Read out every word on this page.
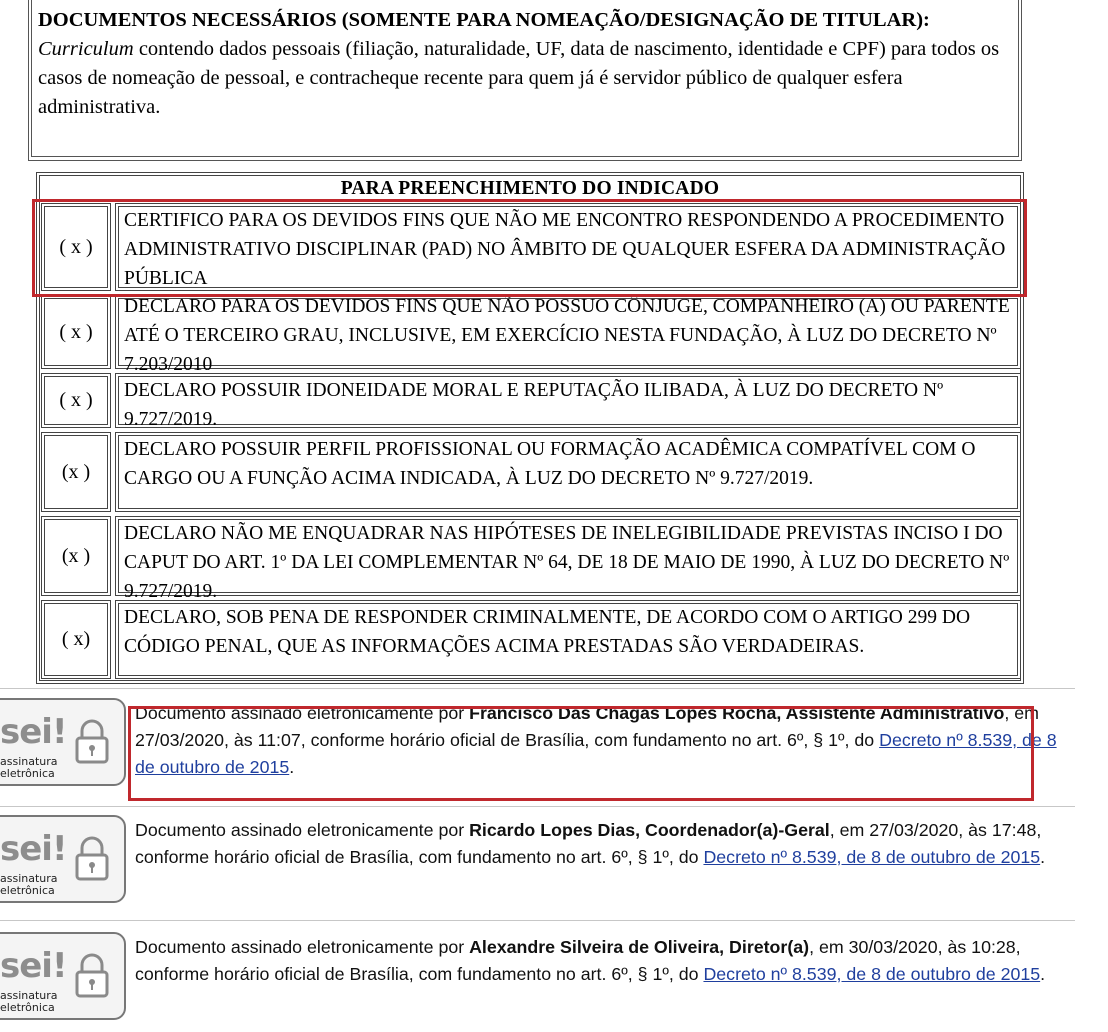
DOCUMENTOS NECESSÁRIOS (SOMENTE PARA NOMEAÇÃO/DESIGNAÇÃO DE TITULAR):
Curriculum contendo dados pessoais (filiação, naturalidade, UF, data de nascimento, identidade e CPF) para todos os casos de nomeação de pessoal, e contracheque recente para quem já é servidor público de qualquer esfera administrativa.
PARA PREENCHIMENTO DO INDICADO
( x )
CERTIFICO PARA OS DEVIDOS FINS QUE NÃO ME ENCONTRO RESPONDENDO A PROCEDIMENTO ADMINISTRATIVO DISCIPLINAR (PAD) NO ÂMBITO DE QUALQUER ESFERA DA ADMINISTRAÇÃO PÚBLICA
( x )
DECLARO PARA OS DEVIDOS FINS QUE NÃO POSSUO CÔNJUGE, COMPANHEIRO (A) OU PARENTE ATÉ O TERCEIRO GRAU, INCLUSIVE, EM EXERCÍCIO NESTA FUNDAÇÃO, À LUZ DO DECRETO Nº 7.203/2010
( x ) DECLARO POSSUIR IDONEIDADE MORAL E REPUTAÇÃO ILIBADA, À LUZ DO DECRETO Nº 9.727/2019.
(x )
DECLARO POSSUIR PERFIL PROFISSIONAL OU FORMAÇÃO ACADÊMICA COMPATÍVEL COM O CARGO OU A FUNÇÃO ACIMA INDICADA, À LUZ DO DECRETO Nº 9.727/2019.
(x )
DECLARO NÃO ME ENQUADRAR NAS HIPÓTESES DE INELEGIBILIDADE PREVISTAS INCISO I DO CAPUT DO ART. 1º DA LEI COMPLEMENTAR Nº 64, DE 18 DE MAIO DE 1990, À LUZ DO DECRETO Nº 9.727/2019.
( x)
DECLARO, SOB PENA DE RESPONDER CRIMINALMENTE, DE ACORDO COM O ARTIGO 299 DO CÓDIGO PENAL, QUE AS INFORMAÇÕES ACIMA PRESTADAS SÃO VERDADEIRAS.
sei!
assinatura
eletrônica
Documento assinado eletronicamente por Francisco Das Chagas Lopes Rocha, Assistente Administrativo, em 27/03/2020, às 11:07, conforme horário oficial de Brasília, com fundamento no art. 6º, § 1º, do Decreto nº 8.539, de 8 de outubro de 2015.
sei!
assinatura
eletrônica
Documento assinado eletronicamente por Ricardo Lopes Dias, Coordenador(a)-Geral, em 27/03/2020, às 17:48, conforme horário oficial de Brasília, com fundamento no art. 6º, § 1º, do Decreto nº 8.539, de 8 de outubro de 2015.
sei!
assinatura
eletrônica
Documento assinado eletronicamente por Alexandre Silveira de Oliveira, Diretor(a), em 30/03/2020, às 10:28, conforme horário oficial de Brasília, com fundamento no art. 6º, § 1º, do Decreto nº 8.539, de 8 de outubro de 2015.
